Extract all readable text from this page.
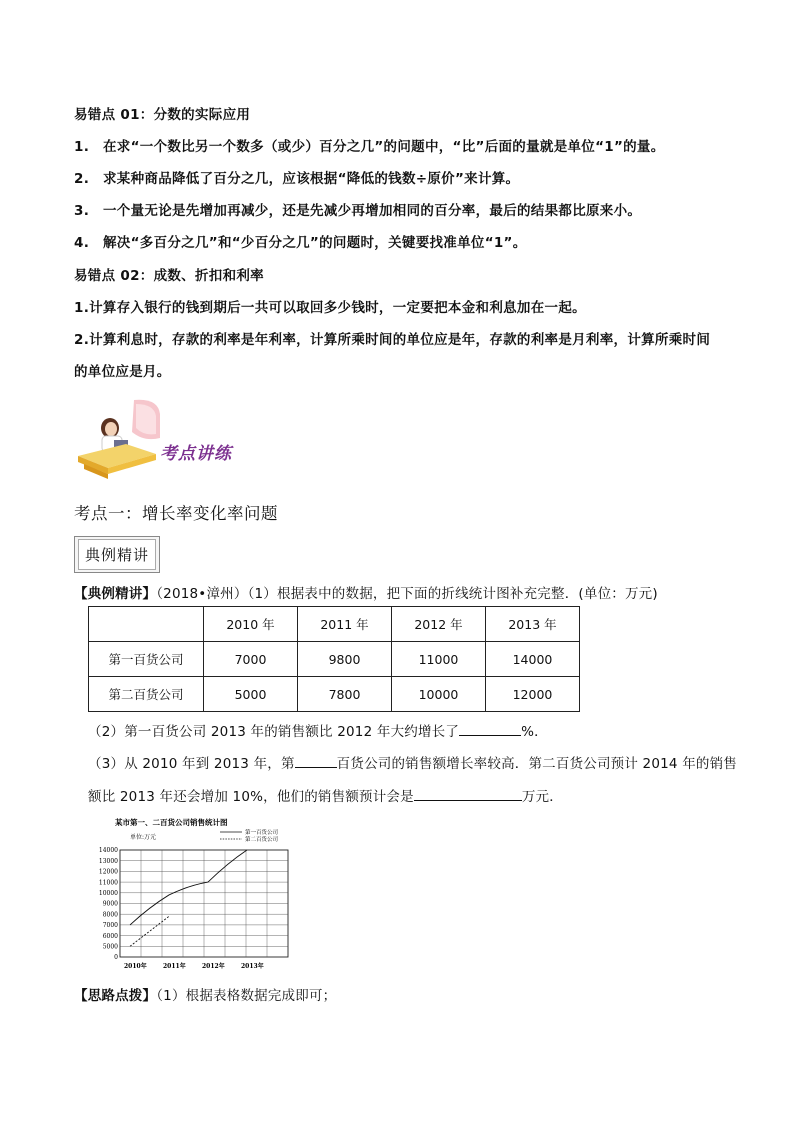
易错点 01：分数的实际应用
1. 在求“一个数比另一个数多（或少）百分之几”的问题中，“比”后面的量就是单位“1”的量。
2. 求某种商品降低了百分之几，应该根据“降低的钱数÷原价”来计算。
3. 一个量无论是先增加再减少，还是先减少再增加相同的百分率，最后的结果都比原来小。
4. 解决“多百分之几”和“少百分之几”的问题时，关键要找准单位“1”。
易错点 02：成数、折扣和利率
1.计算存入银行的钱到期后一共可以取回多少钱时，一定要把本金和利息加在一起。
2.计算利息时，存款的利率是年利率，计算所乘时间的单位应是年，存款的利率是月利率，计算所乘时间
的单位应是月。
考点讲练
考点一：增长率变化率问题
典例精讲
【典例精讲】（2018•漳州）（1）根据表中的数据，把下面的折线统计图补充完整．(单位：万元)
	2010 年	2011 年	2012 年	2013 年
第一百货公司	7000	9800	11000	14000
第二百货公司	5000	7800	10000	12000
（2）第一百货公司 2013 年的销售额比 2012 年大约增长了	%．
（3）从 2010 年到 2013 年，第	百货公司的销售额增长率较高．第二百货公司预计 2014 年的销售
额比 2013 年还会增加 10%，他们的销售额预计会是	万元．
某市第一、二百货公司销售统计图
单位:万元
第一百货公司
第二百货公司
14000
13000
12000
11000
10000
9000
8000
7000
6000
5000
0
2010年	2011年	2012年	2013年
【思路点拨】（1）根据表格数据完成即可；
